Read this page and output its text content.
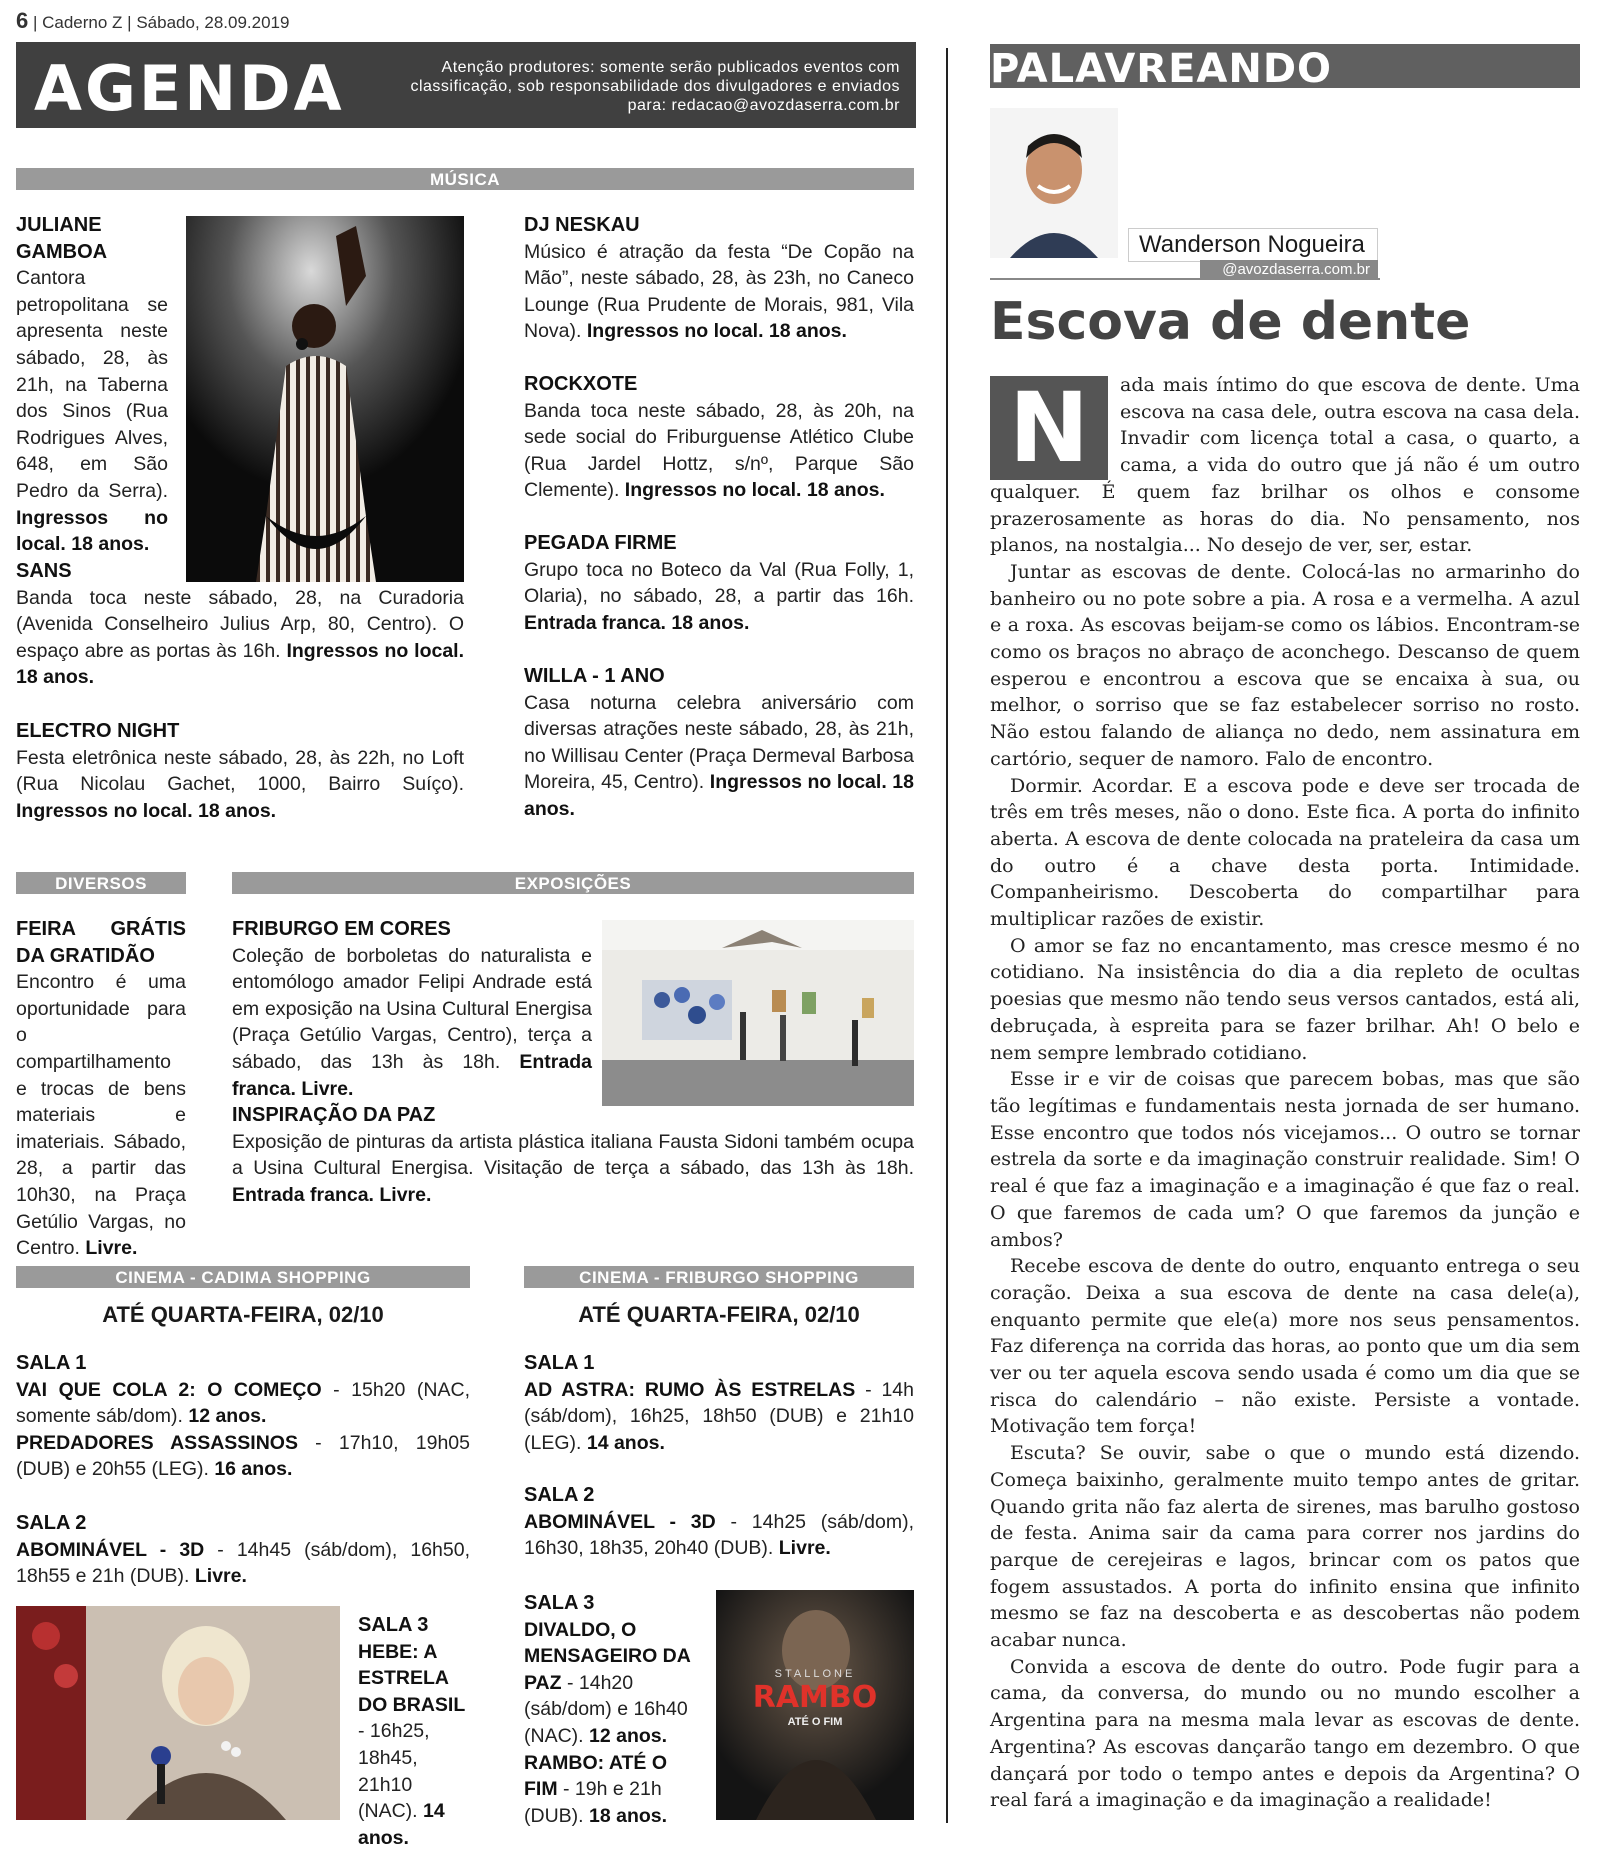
6 | Caderno Z | Sábado, 28.09.2019
AGENDA	Atenção produtores: somente serão publicados eventos com classificação, sob responsabilidade dos divulgadores e enviados para: redacao@avozdaserra.com.br
MÚSICA
JULIANE GAMBOA
Cantora petropolitana se apresenta neste sábado, 28, às 21h, na Taberna dos Sinos (Rua Rodrigues Alves, 648, em São Pedro da Serra). Ingressos no local. 18 anos.
SANS
Banda toca neste sábado, 28, na Curadoria (Avenida Conselheiro Julius Arp, 80, Centro). O espaço abre as portas às 16h. Ingressos no local. 18 anos.
ELECTRO NIGHT
Festa eletrônica neste sábado, 28, às 22h, no Loft (Rua Nicolau Gachet, 1000, Bairro Suíço). Ingressos no local. 18 anos.
DJ NESKAU
Músico é atração da festa “De Copão na Mão”, neste sábado, 28, às 23h, no Caneco Lounge (Rua Prudente de Morais, 981, Vila Nova). Ingressos no local. 18 anos.
ROCKXOTE
Banda toca neste sábado, 28, às 20h, na sede social do Friburguense Atlético Clube (Rua Jardel Hottz, s/nº, Parque São Clemente). Ingressos no local. 18 anos.
PEGADA FIRME
Grupo toca no Boteco da Val (Rua Folly, 1, Olaria), no sábado, 28, a partir das 16h. Entrada franca. 18 anos.
WILLA - 1 ANO
Casa noturna celebra aniversário com diversas atrações neste sábado, 28, às 21h, no Willisau Center (Praça Dermeval Barbosa Moreira, 45, Centro). Ingressos no local. 18 anos.
DIVERSOS
FEIRA GRÁTIS DA GRATIDÃO
Encontro é uma oportunidade para o compartilhamento e trocas de bens materiais e imateriais. Sábado, 28, a partir das 10h30, na Praça Getúlio Vargas, no Centro. Livre.
EXPOSIÇÕES
FRIBURGO EM CORES
Coleção de borboletas do naturalista e entomólogo amador Felipi Andrade está em exposição na Usina Cultural Energisa (Praça Getúlio Vargas, Centro), terça a sábado, das 13h às 18h. Entrada franca. Livre.
INSPIRAÇÃO DA PAZ
Exposição de pinturas da artista plástica italiana Fausta Sidoni também ocupa a Usina Cultural Energisa. Visitação de terça a sábado, das 13h às 18h. Entrada franca. Livre.
CINEMA - CADIMA SHOPPING
ATÉ QUARTA-FEIRA, 02/10
SALA 1
VAI QUE COLA 2: O COMEÇO - 15h20 (NAC, somente sáb/dom). 12 anos.
PREDADORES ASSASSINOS - 17h10, 19h05 (DUB) e 20h55 (LEG). 16 anos.
SALA 2
ABOMINÁVEL - 3D - 14h45 (sáb/dom), 16h50, 18h55 e 21h (DUB). Livre.
SALA 3
HEBE: A ESTRELA DO BRASIL - 16h25, 18h45, 21h10 (NAC). 14 anos.
CINEMA - FRIBURGO SHOPPING
ATÉ QUARTA-FEIRA, 02/10
SALA 1
AD ASTRA: RUMO ÀS ESTRELAS - 14h (sáb/dom), 16h25, 18h50 (DUB) e 21h10 (LEG). 14 anos.
SALA 2
ABOMINÁVEL - 3D - 14h25 (sáb/dom), 16h30, 18h35, 20h40 (DUB). Livre.
SALA 3
DIVALDO, O MENSAGEIRO DA PAZ - 14h20 (sáb/dom) e 16h40 (NAC). 12 anos.
RAMBO: ATÉ O FIM - 19h e 21h (DUB). 18 anos.
STALLONE
RAMBO
ATÉ O FIM
PALAVREANDO
Wanderson Nogueira
@avozdaserra.com.br
Escova de dente
N	ada mais íntimo do que escova de dente. Uma escova na casa dele, outra escova na casa dela. Invadir com licença total a casa, o quarto, a cama, a vida do outro que já não é um outro qualquer. É quem faz brilhar os olhos e consome prazerosamente as horas do dia. No pensamento, nos planos, na nostalgia... No desejo de ver, ser, estar.

Juntar as escovas de dente. Colocá-las no armarinho do banheiro ou no pote sobre a pia. A rosa e a vermelha. A azul e a roxa. As escovas beijam-se como os lábios. Encontram-se como os braços no abraço de aconchego. Descanso de quem esperou e encontrou a escova que se encaixa à sua, ou melhor, o sorriso que se faz estabelecer sorriso no rosto. Não estou falando de aliança no dedo, nem assinatura em cartório, sequer de namoro. Falo de encontro.

Dormir. Acordar. E a escova pode e deve ser trocada de três em três meses, não o dono. Este fica. A porta do infinito aberta. A escova de dente colocada na prateleira da casa um do outro é a chave desta porta. Intimidade. Companheirismo. Descoberta do compartilhar para multiplicar razões de existir.

O amor se faz no encantamento, mas cresce mesmo é no cotidiano. Na insistência do dia a dia repleto de ocultas poesias que mesmo não tendo seus versos cantados, está ali, debruçada, à espreita para se fazer brilhar. Ah! O belo e nem sempre lembrado cotidiano.

Esse ir e vir de coisas que parecem bobas, mas que são tão legítimas e fundamentais nesta jornada de ser humano. Esse encontro que todos nós vicejamos... O outro se tornar estrela da sorte e da imaginação construir realidade. Sim! O real é que faz a imaginação e a imaginação é que faz o real. O que faremos de cada um? O que faremos da junção e ambos?

Recebe escova de dente do outro, enquanto entrega o seu coração. Deixa a sua escova de dente na casa dele(a), enquanto permite que ele(a) more nos seus pensamentos. Faz diferença na corrida das horas, ao ponto que um dia sem ver ou ter aquela escova sendo usada é como um dia que se risca do calendário – não existe. Persiste a vontade. Motivação tem força!

Escuta? Se ouvir, sabe o que o mundo está dizendo. Começa baixinho, geralmente muito tempo antes de gritar. Quando grita não faz alerta de sirenes, mas barulho gostoso de festa. Anima sair da cama para correr nos jardins do parque de cerejeiras e lagos, brincar com os patos que fogem assustados. A porta do infinito ensina que infinito mesmo se faz na descoberta e as descobertas não podem acabar nunca.

Convida a escova de dente do outro. Pode fugir para a cama, da conversa, do mundo ou no mundo escolher a Argentina para na mesma mala levar as escovas de dente. Argentina? As escovas dançarão tango em dezembro. O que dançará por todo o tempo antes e depois da Argentina? O real fará a imaginação e da imaginação a realidade!
